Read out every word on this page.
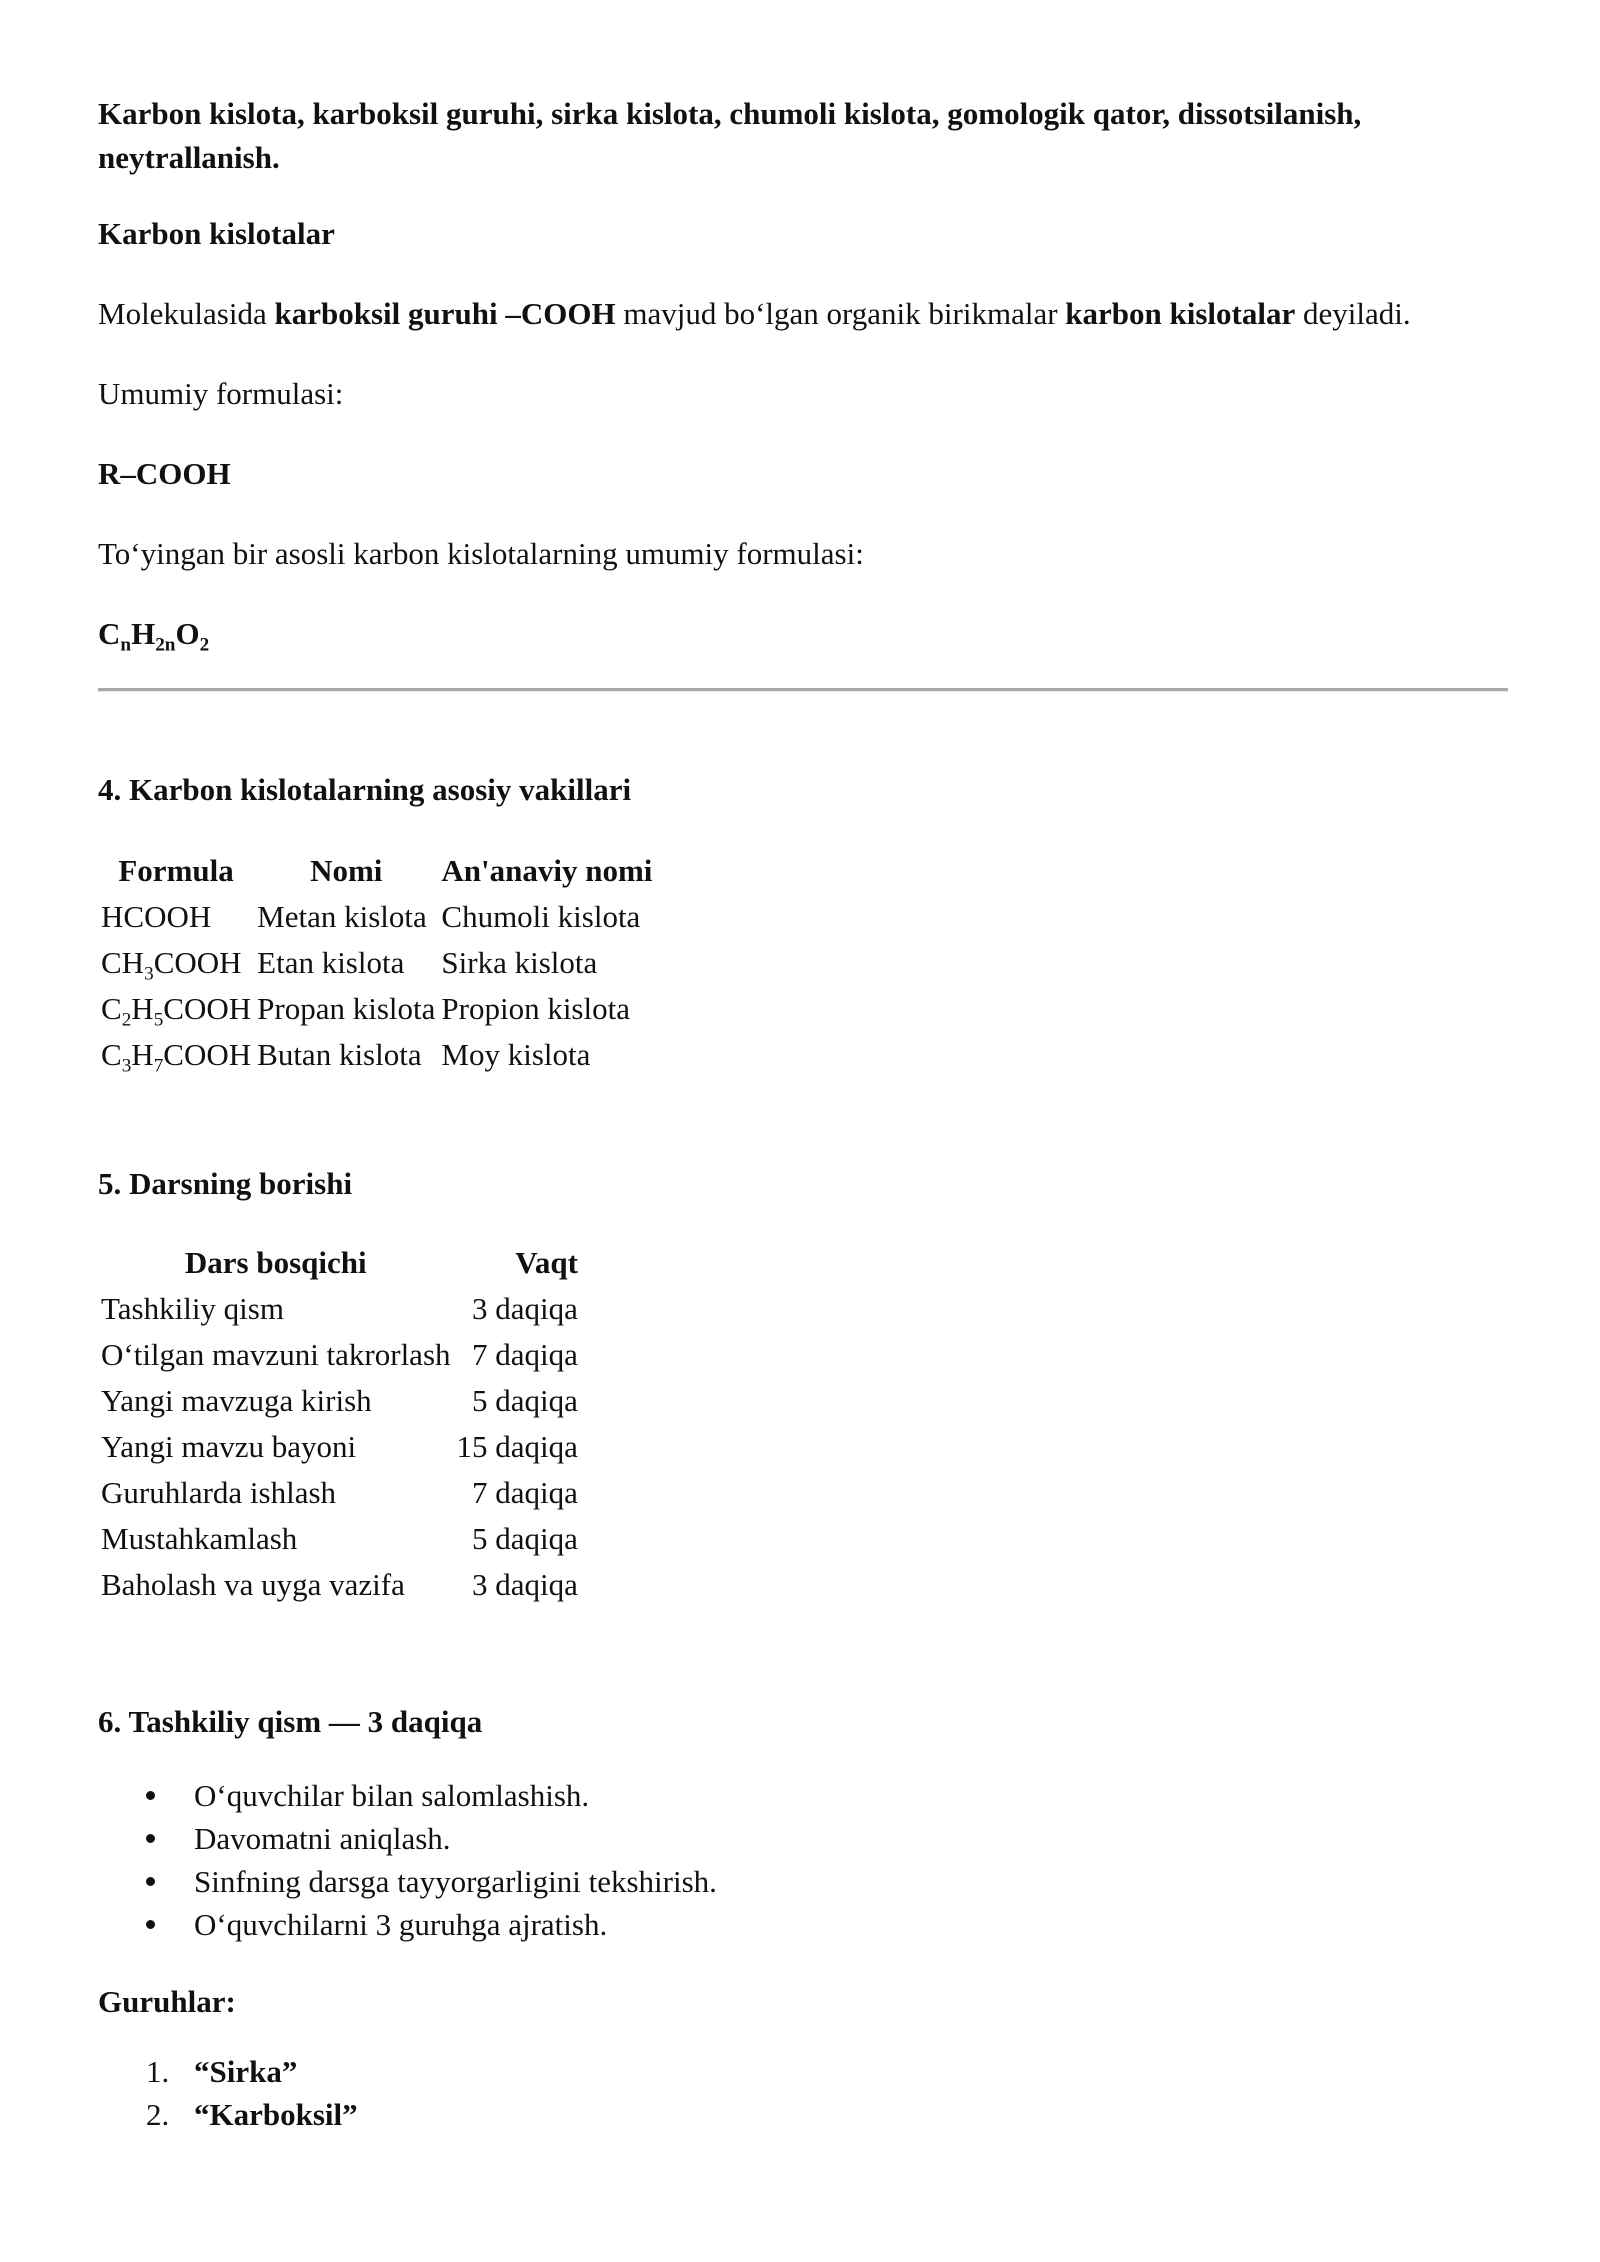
Karbon kislota, karboksil guruhi, sirka kislota, chumoli kislota, gomologik qator, dissotsilanish, neytrallanish.

Karbon kislotalar

Molekulasida karboksil guruhi –COOH mavjud bo‘lgan organik birikmalar karbon kislotalar deyiladi.

Umumiy formulasi:

R–COOH

To‘yingan bir asosli karbon kislotalarning umumiy formulasi:

$C_nH_{2n}O_2$

4. Karbon kislotalarning asosiy vakillari

Formula	Nomi	An'anaviy nomi
HCOOH	Metan kislota	Chumoli kislota
$CH_3COOH$	Etan kislota	Sirka kislota
$C_2H_5COOH$	Propan kislota	Propion kislota
$C_3H_7COOH$	Butan kislota	Moy kislota

5. Darsning borishi

Dars bosqichi	Vaqt
Tashkiliy qism	3 daqiqa
O‘tilgan mavzuni takrorlash	7 daqiqa
Yangi mavzuga kirish	5 daqiqa
Yangi mavzu bayoni	15 daqiqa
Guruhlarda ishlash	7 daqiqa
Mustahkamlash	5 daqiqa
Baholash va uyga vazifa	3 daqiqa

6. Tashkiliy qism — 3 daqiqa

O‘quvchilar bilan salomlashish.
Davomatni aniqlash.
Sinfning darsga tayyorgarligini tekshirish.
O‘quvchilarni 3 guruhga ajratish.

Guruhlar:

1. “Sirka”
2. “Karboksil”
